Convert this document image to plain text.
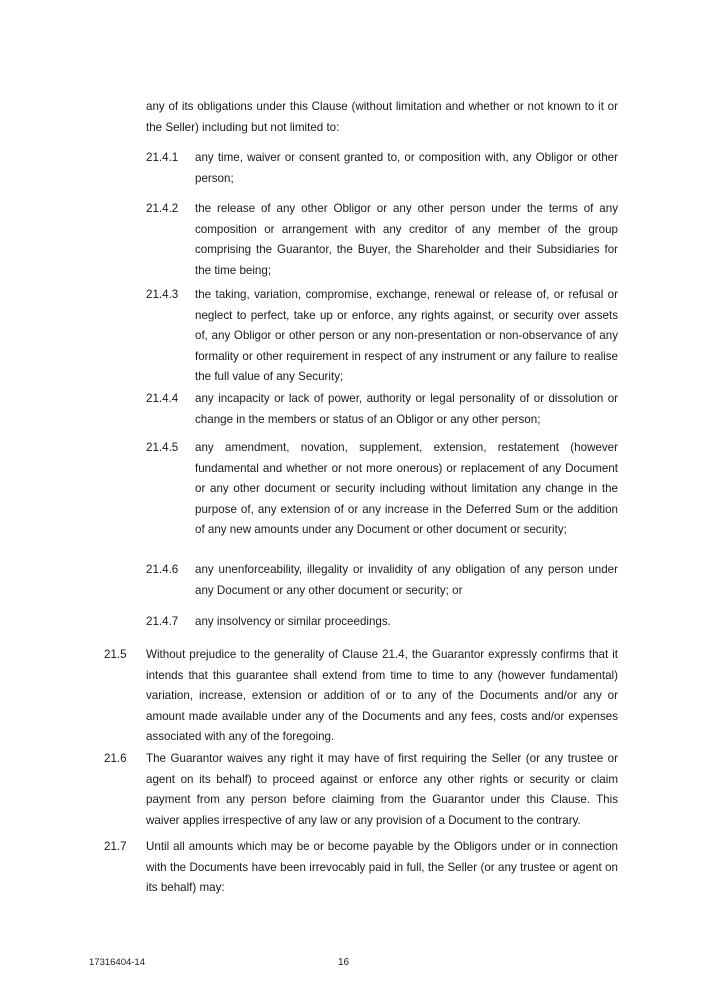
any of its obligations under this Clause (without limitation and whether or not known to it or the Seller) including but not limited to:

21.4.1 any time, waiver or consent granted to, or composition with, any Obligor or other person;
21.4.2 the release of any other Obligor or any other person under the terms of any composition or arrangement with any creditor of any member of the group comprising the Guarantor, the Buyer, the Shareholder and their Subsidiaries for the time being;
21.4.3 the taking, variation, compromise, exchange, renewal or release of, or refusal or neglect to perfect, take up or enforce, any rights against, or security over assets of, any Obligor or other person or any non-presentation or non-observance of any formality or other requirement in respect of any instrument or any failure to realise the full value of any Security;
21.4.4 any incapacity or lack of power, authority or legal personality of or dissolution or change in the members or status of an Obligor or any other person;
21.4.5 any amendment, novation, supplement, extension, restatement (however fundamental and whether or not more onerous) or replacement of any Document or any other document or security including without limitation any change in the purpose of, any extension of or any increase in the Deferred Sum or the addition of any new amounts under any Document or other document or security;
21.4.6 any unenforceability, illegality or invalidity of any obligation of any person under any Document or any other document or security; or
21.4.7 any insolvency or similar proceedings.
21.5 Without prejudice to the generality of Clause 21.4, the Guarantor expressly confirms that it intends that this guarantee shall extend from time to time to any (however fundamental) variation, increase, extension or addition of or to any of the Documents and/or any or amount made available under any of the Documents and any fees, costs and/or expenses associated with any of the foregoing.
21.6 The Guarantor waives any right it may have of first requiring the Seller (or any trustee or agent on its behalf) to proceed against or enforce any other rights or security or claim payment from any person before claiming from the Guarantor under this Clause. This waiver applies irrespective of any law or any provision of a Document to the contrary.
21.7 Until all amounts which may be or become payable by the Obligors under or in connection with the Documents have been irrevocably paid in full, the Seller (or any trustee or agent on its behalf) may:
17316404-14	16
